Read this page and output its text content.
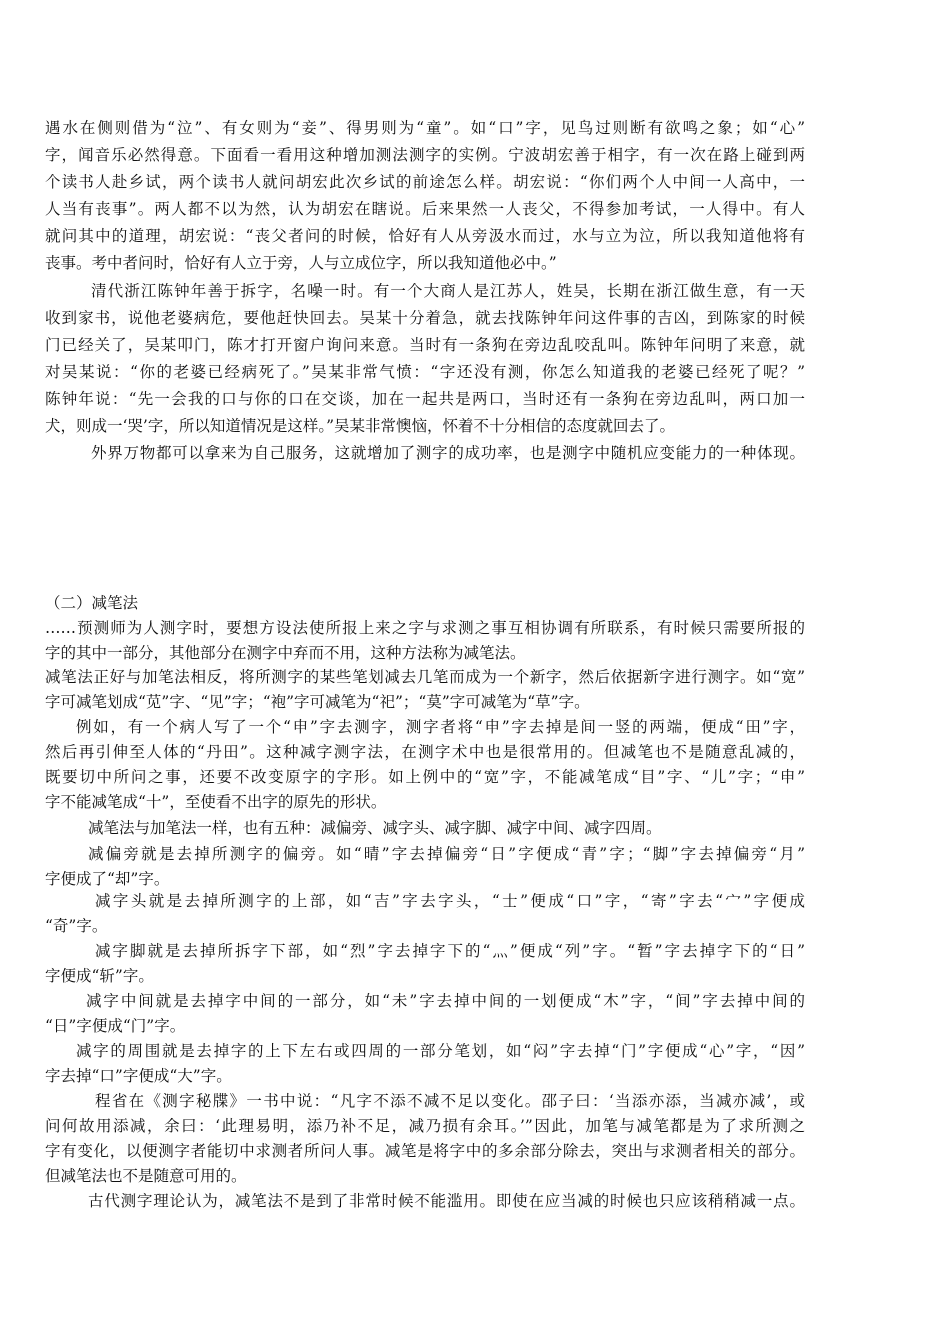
遇水在侧则借为“泣”、有女则为“妾”、得男则为“童”。如“口”字，见鸟过则断有欲鸣之象；如“心”
字，闻音乐必然得意。下面看一看用这种增加测法测字的实例。宁波胡宏善于相字，有一次在路上碰到两
个读书人赴乡试，两个读书人就问胡宏此次乡试的前途怎么样。胡宏说：“你们两个人中间一人高中，一
人当有丧事”。两人都不以为然，认为胡宏在瞎说。后来果然一人丧父，不得参加考试，一人得中。有人
就问其中的道理，胡宏说：“丧父者问的时候，恰好有人从旁汲水而过，水与立为泣，所以我知道他将有
丧事。考中者问时，恰好有人立于旁，人与立成位字，所以我知道他必中。”
清代浙江陈钟年善于拆字，名噪一时。有一个大商人是江苏人，姓吴，长期在浙江做生意，有一天
收到家书，说他老婆病危，要他赶快回去。吴某十分着急，就去找陈钟年问这件事的吉凶，到陈家的时候
门已经关了，吴某叩门，陈才打开窗户询问来意。当时有一条狗在旁边乱咬乱叫。陈钟年问明了来意，就
对吴某说：“你的老婆已经病死了。”吴某非常气愤：“字还没有测，你怎么知道我的老婆已经死了呢？”
陈钟年说：“先一会我的口与你的口在交谈，加在一起共是两口，当时还有一条狗在旁边乱叫，两口加一
犬，则成一‘哭’字，所以知道情况是这样。”吴某非常懊恼，怀着不十分相信的态度就回去了。
外界万物都可以拿来为自己服务，这就增加了测字的成功率，也是测字中随机应变能力的一种体现。
（二）减笔法
……预测师为人测字时，要想方设法使所报上来之字与求测之事互相协调有所联系，有时候只需要所报的
字的其中一部分，其他部分在测字中弃而不用，这种方法称为减笔法。
减笔法正好与加笔法相反，将所测字的某些笔划减去几笔而成为一个新字，然后依据新字进行测字。如“宽”
字可减笔划成“苋”字、“见”字；“袍”字可减笔为“祀”；“莫”字可减笔为“草”字。
例如，有一个病人写了一个“申”字去测字，测字者将“申”字去掉是间一竖的两端，便成“田”字，
然后再引伸至人体的“丹田”。这种减字测字法，在测字术中也是很常用的。但减笔也不是随意乱减的，
既要切中所问之事，还要不改变原字的字形。如上例中的“宽”字，不能减笔成“目”字、“儿”字；“申”
字不能减笔成“十”，至使看不出字的原先的形状。
减笔法与加笔法一样，也有五种：减偏旁、减字头、减字脚、减字中间、减字四周。
减偏旁就是去掉所测字的偏旁。如“晴”字去掉偏旁“日”字便成“青”字；“脚”字去掉偏旁“月”
字便成了“却”字。
减字头就是去掉所测字的上部，如“吉”字去字头，“士”便成“口”字，“寄”字去“宀”字便成
“奇”字。
减字脚就是去掉所拆字下部，如“烈”字去掉字下的“灬”便成“列”字。“暂”字去掉字下的“日”
字便成“斩”字。
减字中间就是去掉字中间的一部分，如“未”字去掉中间的一划便成“木”字，“间”字去掉中间的
“日”字便成“门”字。
减字的周围就是去掉字的上下左右或四周的一部分笔划，如“闷”字去掉“门”字便成“心”字，“因”
字去掉“口”字便成“大”字。
程省在《测字秘牒》一书中说：“凡字不添不减不足以变化。邵子曰：‘当添亦添，当减亦减’，或
问何故用添减，余曰：‘此理易明，添乃补不足，减乃损有余耳。’”因此，加笔与减笔都是为了求所测之
字有变化，以便测字者能切中求测者所问人事。减笔是将字中的多余部分除去，突出与求测者相关的部分。
但减笔法也不是随意可用的。
古代测字理论认为，减笔法不是到了非常时候不能滥用。即使在应当减的时候也只应该稍稍减一点。
